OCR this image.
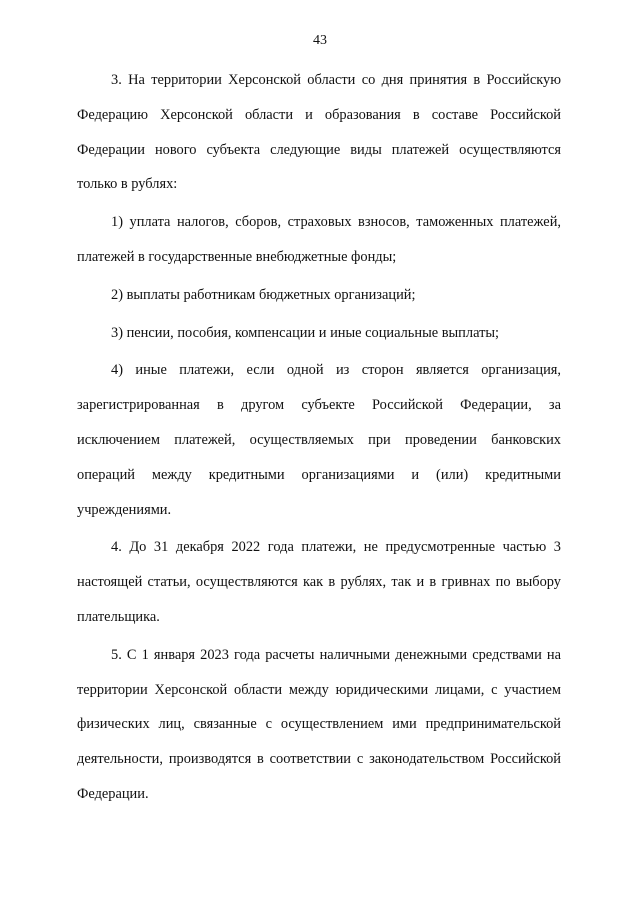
43

3. На территории Херсонской области со дня принятия в Российскую Федерацию Херсонской области и образования в составе Российской Федерации нового субъекта следующие виды платежей осуществляются только в рублях:

1) уплата налогов, сборов, страховых взносов, таможенных платежей, платежей в государственные внебюджетные фонды;

2) выплаты работникам бюджетных организаций;

3) пенсии, пособия, компенсации и иные социальные выплаты;

4) иные платежи, если одной из сторон является организация, зарегистрированная в другом субъекте Российской Федерации, за исключением платежей, осуществляемых при проведении банковских операций между кредитными организациями и (или) кредитными учреждениями.

4. До 31 декабря 2022 года платежи, не предусмотренные частью 3 настоящей статьи, осуществляются как в рублях, так и в гривнах по выбору плательщика.

5. С 1 января 2023 года расчеты наличными денежными средствами на территории Херсонской области между юридическими лицами, с участием физических лиц, связанные с осуществлением ими предпринимательской деятельности, производятся в соответствии с законодательством Российской Федерации.
